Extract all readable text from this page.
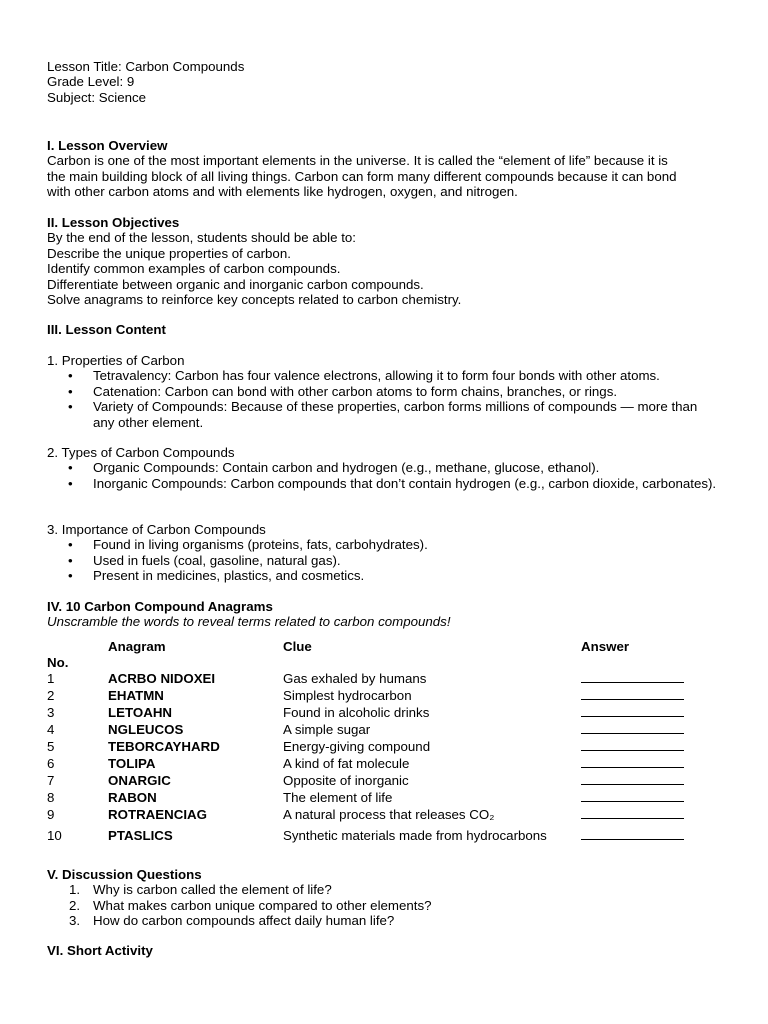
Lesson Title: Carbon Compounds
Grade Level: 9
Subject: Science
I. Lesson Overview
Carbon is one of the most important elements in the universe. It is called the “element of life” because it is
the main building block of all living things. Carbon can form many different compounds because it can bond
with other carbon atoms and with elements like hydrogen, oxygen, and nitrogen.
II. Lesson Objectives
By the end of the lesson, students should be able to:
Describe the unique properties of carbon.
Identify common examples of carbon compounds.
Differentiate between organic and inorganic carbon compounds.
Solve anagrams to reinforce key concepts related to carbon chemistry.
III. Lesson Content
1. Properties of Carbon
• Tetravalency: Carbon has four valence electrons, allowing it to form four bonds with other atoms.
• Catenation: Carbon can bond with other carbon atoms to form chains, branches, or rings.
• Variety of Compounds: Because of these properties, carbon forms millions of compounds — more than any other element.
2. Types of Carbon Compounds
• Organic Compounds: Contain carbon and hydrogen (e.g., methane, glucose, ethanol).
• Inorganic Compounds: Carbon compounds that don’t contain hydrogen (e.g., carbon dioxide, carbonates).
3. Importance of Carbon Compounds
• Found in living organisms (proteins, fats, carbohydrates).
• Used in fuels (coal, gasoline, natural gas).
• Present in medicines, plastics, and cosmetics.
IV. 10 Carbon Compound Anagrams
Unscramble the words to reveal terms related to carbon compounds!
No.	Anagram	Clue	Answer
1	ACRBO NIDOXEI	Gas exhaled by humans	
2	EHATMN	Simplest hydrocarbon	
3	LETOAHN	Found in alcoholic drinks	
4	NGLEUCOS	A simple sugar	
5	TEBORCAYHARD	Energy-giving compound	
6	TOLIPA	A kind of fat molecule	
7	ONARGIC	Opposite of inorganic	
8	RABON	The element of life	
9	ROTRAENCIAG	A natural process that releases CO₂	
10	PTASLICS	Synthetic materials made from hydrocarbons	
V. Discussion Questions
1. Why is carbon called the element of life?
2. What makes carbon unique compared to other elements?
3. How do carbon compounds affect daily human life?
VI. Short Activity
